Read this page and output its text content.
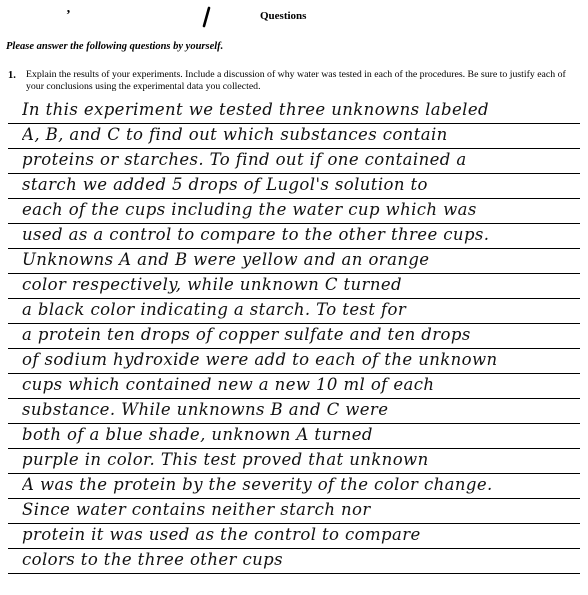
’	Questions
Please answer the following questions by yourself.
1. Explain the results of your experiments. Include a discussion of why water was tested in each of the procedures. Be sure to justify each of your conclusions using the experimental data you collected.
In this experiment we tested three unknowns labeled
A, B, and C to find out which substances contain
proteins or starches. To find out if one contained a
starch we added 5 drops of Lugol's solution to
each of the cups including the water cup which was
used as a control to compare to the other three cups.
Unknowns A and B were yellow and an orange
color respectively, while unknown C turned
a black color indicating a starch. To test for
a protein ten drops of copper sulfate and ten drops
of sodium hydroxide were add to each of the unknown
cups which contained new a new 10 ml of each
substance. While unknowns B and C were
both of a blue shade, unknown A turned
purple in color. This test proved that unknown
A was the protein by the severity of the color change.
Since water contains neither starch nor
protein it was used as the control to compare
colors to the three other cups
